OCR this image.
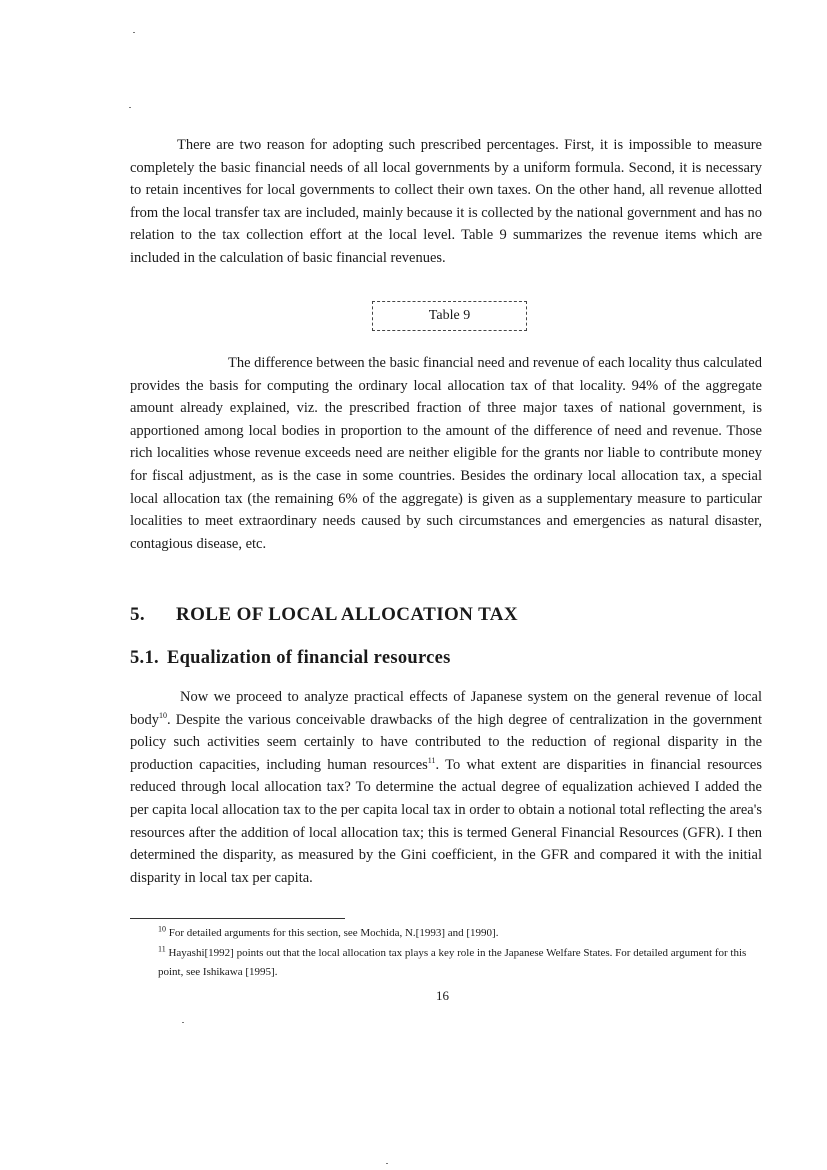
There are two reason for adopting such prescribed percentages. First, it is impossible to measure completely the basic financial needs of all local governments by a uniform formula. Second, it is necessary to retain incentives for local governments to collect their own taxes. On the other hand, all revenue allotted from the local transfer tax are included, mainly because it is collected by the national government and has no relation to the tax collection effort at the local level. Table 9 summarizes the revenue items which are included in the calculation of basic financial revenues.

Table 9

The difference between the basic financial need and revenue of each locality thus calculated provides the basis for computing the ordinary local allocation tax of that locality. 94% of the aggregate amount already explained, viz. the prescribed fraction of three major taxes of national government, is apportioned among local bodies in proportion to the amount of the difference of need and revenue. Those rich localities whose revenue exceeds need are neither eligible for the grants nor liable to contribute money for fiscal adjustment, as is the case in some countries. Besides the ordinary local allocation tax, a special local allocation tax (the remaining 6% of the aggregate) is given as a supplementary measure to particular localities to meet extraordinary needs caused by such circumstances and emergencies as natural disaster, contagious disease, etc.

5. ROLE OF LOCAL ALLOCATION TAX
5.1. Equalization of financial resources

Now we proceed to analyze practical effects of Japanese system on the general revenue of local body$^{10}$. Despite the various conceivable drawbacks of the high degree of centralization in the government policy such activities seem certainly to have contributed to the reduction of regional disparity in the production capacities, including human resources$^{11}$. To what extent are disparities in financial resources reduced through local allocation tax? To determine the actual degree of equalization achieved I added the per capita local allocation tax to the per capita local tax in order to obtain a notional total reflecting the area's resources after the addition of local allocation tax; this is termed General Financial Resources (GFR). I then determined the disparity, as measured by the Gini coefficient, in the GFR and compared it with the initial disparity in local tax per capita.

$^{10}$ For detailed arguments for this section, see Mochida, N.[1993] and [1990].

$^{11}$ Hayashi[1992] points out that the local allocation tax plays a key role in the Japanese Welfare States. For detailed argument for this point, see Ishikawa [1995].

16
